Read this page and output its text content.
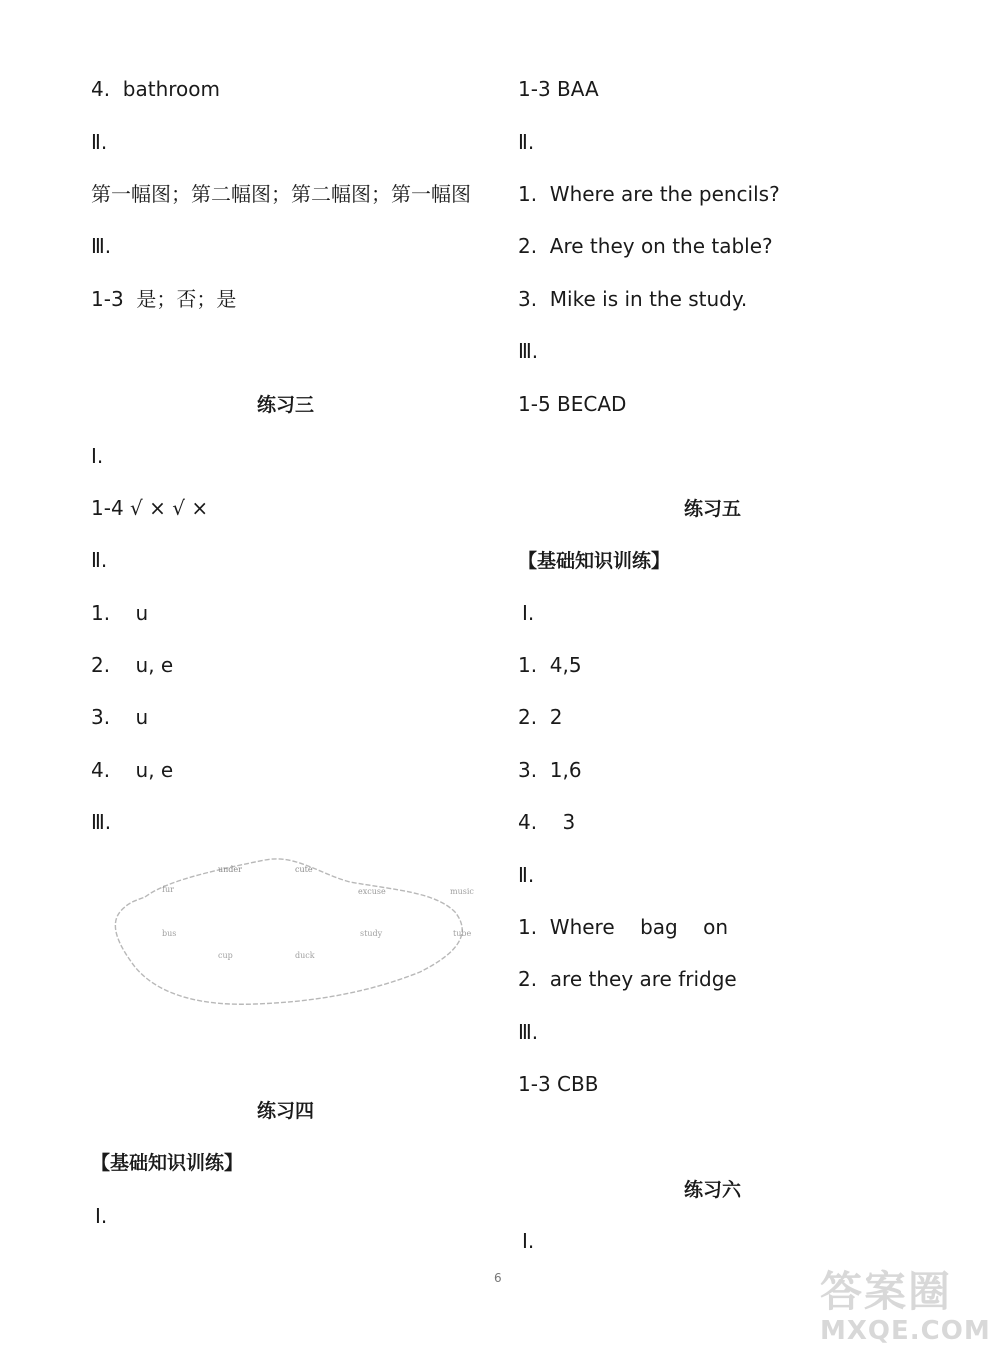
4.  bathroom
Ⅱ.
第一幅图；第二幅图；第二幅图；第一幅图
Ⅲ.
1-3  是；否；是
练习三
Ⅰ.
1-4 √ × √ ×
Ⅱ.
1.    u
2.    u, e
3.    u
4.    u, e
Ⅲ.
under	cute
fur	excuse	music
bus	study	tube
cup	duck
练习四
【基础知识训练】
Ⅰ.
1-3 BAA
Ⅱ.
1.  Where are the pencils?
2.  Are they on the table?
3.  Mike is in the study.
Ⅲ.
1-5 BECAD
练习五
【基础知识训练】
Ⅰ.
1.  4,5
2.  2
3.  1,6
4.    3
Ⅱ.
1.  Where    bag    on
2.  are they are fridge
Ⅲ.
1-3 CBB
练习六
Ⅰ.
6	答案圈
MXQE.COM
